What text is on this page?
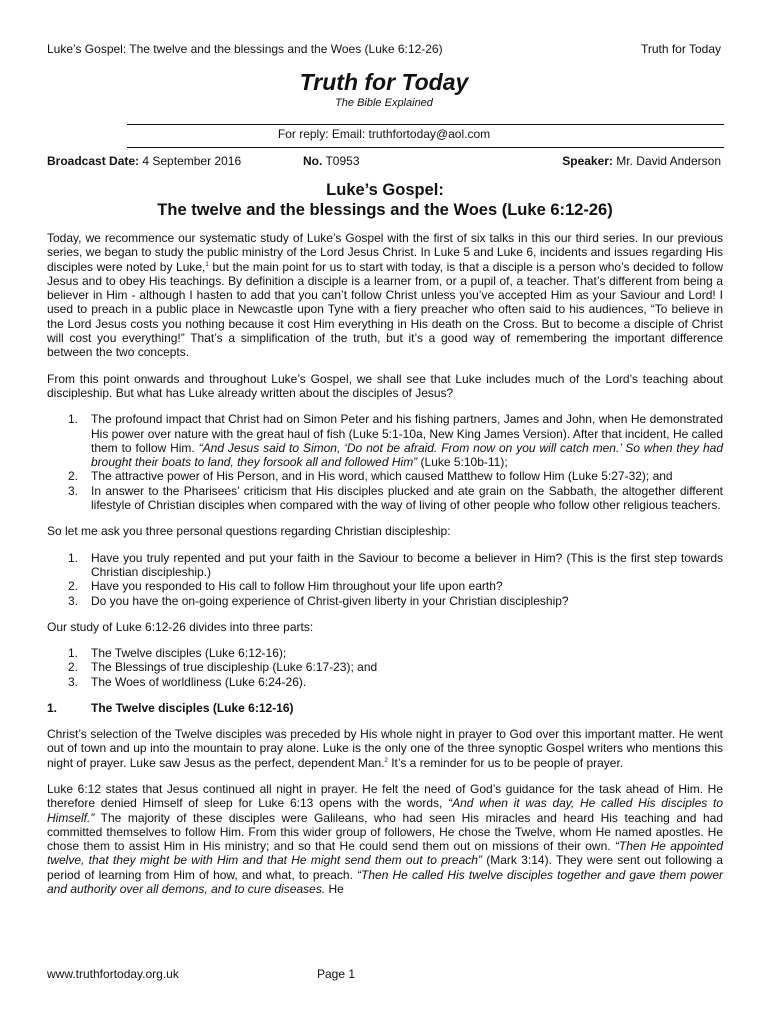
Luke’s Gospel: The twelve and the blessings and the Woes (Luke 6:12-26)	Truth for Today
Truth for Today
The Bible Explained
For reply: Email: truthfortoday@aol.com
Broadcast Date: 4 September 2016	No. T0953	Speaker: Mr. David Anderson
Luke’s Gospel:
The twelve and the blessings and the Woes (Luke 6:12-26)

Today, we recommence our systematic study of Luke’s Gospel with the first of six talks in this our third series. In our previous series, we began to study the public ministry of the Lord Jesus Christ. In Luke 5 and Luke 6, incidents and issues regarding His disciples were noted by Luke,$^1$ but the main point for us to start with today, is that a disciple is a person who’s decided to follow Jesus and to obey His teachings. By definition a disciple is a learner from, or a pupil of, a teacher. That’s different from being a believer in Him - although I hasten to add that you can’t follow Christ unless you’ve accepted Him as your Saviour and Lord! I used to preach in a public place in Newcastle upon Tyne with a fiery preacher who often said to his audiences, “To believe in the Lord Jesus costs you nothing because it cost Him everything in His death on the Cross. But to become a disciple of Christ will cost you everything!” That’s a simplification of the truth, but it’s a good way of remembering the important difference between the two concepts.

From this point onwards and throughout Luke’s Gospel, we shall see that Luke includes much of the Lord’s teaching about discipleship. But what has Luke already written about the disciples of Jesus?

1. The profound impact that Christ had on Simon Peter and his fishing partners, James and John, when He demonstrated His power over nature with the great haul of fish (Luke 5:1-10a, New King James Version). After that incident, He called them to follow Him. “And Jesus said to Simon, ‘Do not be afraid. From now on you will catch men.’ So when they had brought their boats to land, they forsook all and followed Him” (Luke 5:10b-11);
2. The attractive power of His Person, and in His word, which caused Matthew to follow Him (Luke 5:27-32); and
3. In answer to the Pharisees’ criticism that His disciples plucked and ate grain on the Sabbath, the altogether different lifestyle of Christian disciples when compared with the way of living of other people who follow other religious teachers.

So let me ask you three personal questions regarding Christian discipleship:

1. Have you truly repented and put your faith in the Saviour to become a believer in Him? (This is the first step towards Christian discipleship.)
2. Have you responded to His call to follow Him throughout your life upon earth?
3. Do you have the on-going experience of Christ-given liberty in your Christian discipleship?

Our study of Luke 6:12-26 divides into three parts:

1. The Twelve disciples (Luke 6:12-16);
2. The Blessings of true discipleship (Luke 6:17-23); and
3. The Woes of worldliness (Luke 6:24-26).
1.	The Twelve disciples (Luke 6:12-16)

Christ’s selection of the Twelve disciples was preceded by His whole night in prayer to God over this important matter. He went out of town and up into the mountain to pray alone. Luke is the only one of the three synoptic Gospel writers who mentions this night of prayer. Luke saw Jesus as the perfect, dependent Man.$^2$ It’s a reminder for us to be people of prayer.

Luke 6:12 states that Jesus continued all night in prayer. He felt the need of God’s guidance for the task ahead of Him. He therefore denied Himself of sleep for Luke 6:13 opens with the words, “And when it was day, He called His disciples to Himself.” The majority of these disciples were Galileans, who had seen His miracles and heard His teaching and had committed themselves to follow Him. From this wider group of followers, He chose the Twelve, whom He named apostles. He chose them to assist Him in His ministry; and so that He could send them out on missions of their own. “Then He appointed twelve, that they might be with Him and that He might send them out to preach” (Mark 3:14). They were sent out following a period of learning from Him of how, and what, to preach. “Then He called His twelve disciples together and gave them power and authority over all demons, and to cure diseases. He

www.truthfortoday.org.uk	Page 1
